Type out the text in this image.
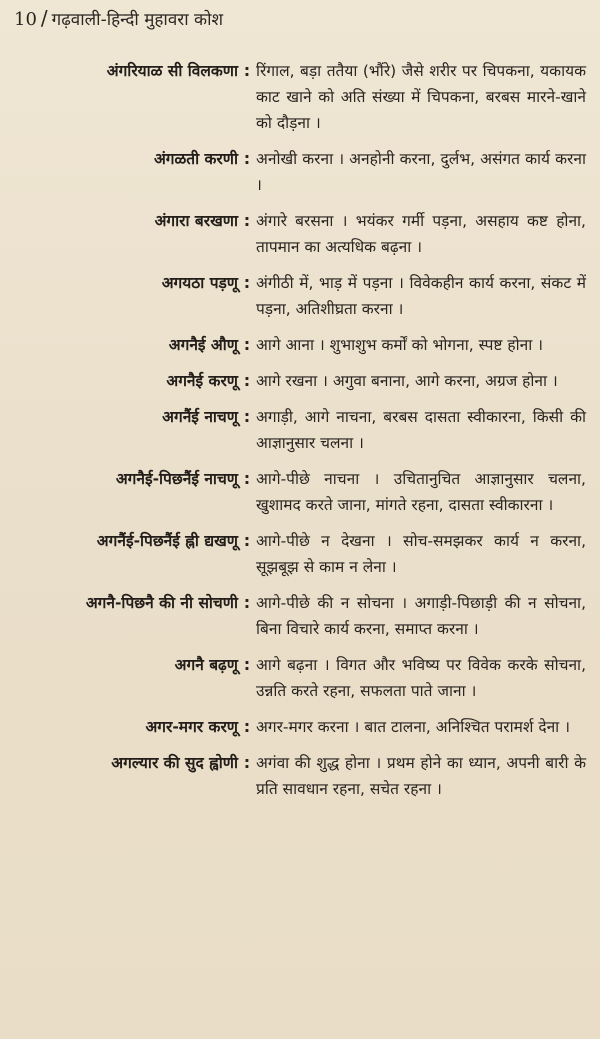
10 / गढ़वाली-हिन्दी मुहावरा कोश
अंगरियाळ सी विलकणा : रिंगाल, बड़ा ततैया (भौंरे) जैसे शरीर पर चिपकना, यकायक काट खाने को अति संख्या में चिपकना, बरबस मारने-खाने को दौड़ना ।
अंगळती करणी : अनोखी करना । अनहोनी करना, दुर्लभ, असंगत कार्य करना ।
अंगारा बरखणा : अंगारे बरसना । भयंकर गर्मी पड़ना, असहाय कष्ट होना, तापमान का अत्यधिक बढ़ना ।
अगयठा पड़णू : अंगीठी में, भाड़ में पड़ना । विवेकहीन कार्य करना, संकट में पड़ना, अतिशीघ्रता करना ।
अगनैई औणू : आगे आना । शुभाशुभ कर्मों को भोगना, स्पष्ट होना ।
अगनैई करणू : आगे रखना । अगुवा बनाना, आगे करना, अग्रज होना ।
अगनैंई नाचणू : अगाड़ी, आगे नाचना, बरबस दासता स्वीकारना, किसी की आज्ञानुसार चलना ।
अगनैई-पिछनैंई नाचणू : आगे-पीछे नाचना । उचितानुचित आज्ञानुसार चलना, खुशामद करते जाना, मांगते रहना, दासता स्वीकारना ।
अगनैंई-पिछनैंई ह्नी द्यखणू : आगे-पीछे न देखना । सोच-समझकर कार्य न करना, सूझबूझ से काम न लेना ।
अगनै-पिछनै की नी सोचणी : आगे-पीछे की न सोचना । अगाड़ी-पिछाड़ी की न सोचना, बिना विचारे कार्य करना, समाप्त करना ।
अगनै बढ़णू : आगे बढ़ना । विगत और भविष्य पर विवेक करके सोचना, उन्नति करते रहना, सफलता पाते जाना ।
अगर-मगर करणू : अगर-मगर करना । बात टालना, अनिश्चित परामर्श देना ।
अगल्यार की सुद ह्वोणी : अगंवा की शुद्ध होना । प्रथम होने का ध्यान, अपनी बारी के प्रति सावधान रहना, सचेत रहना ।
